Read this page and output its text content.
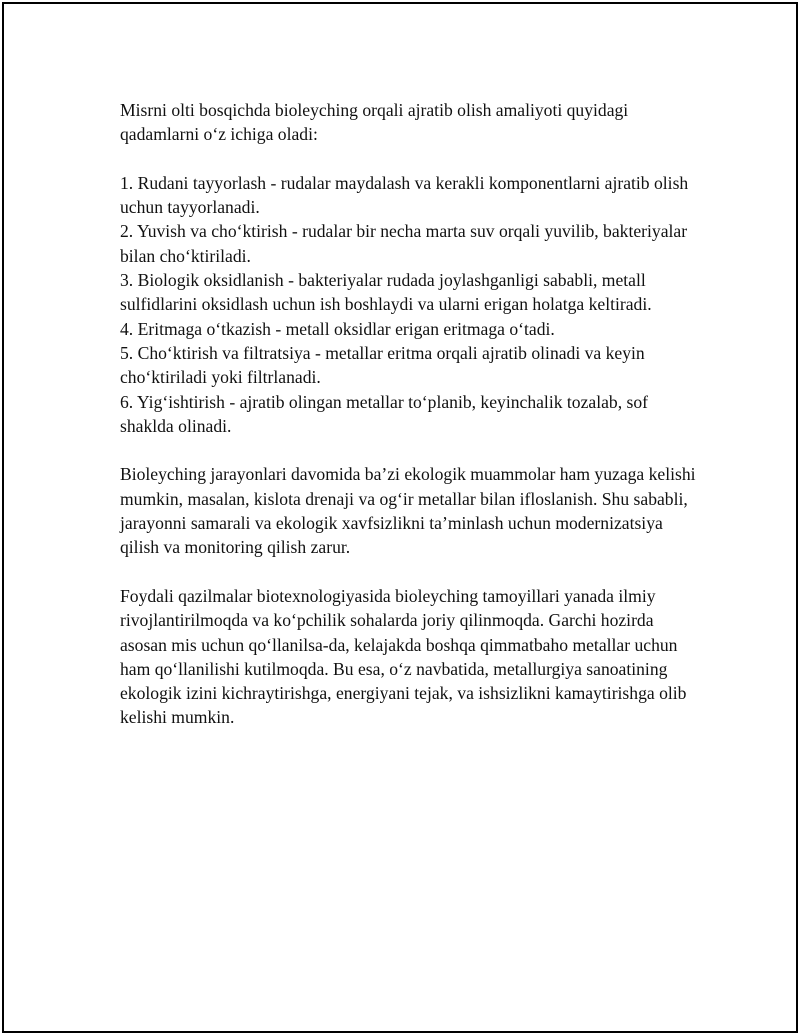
Misrni olti bosqichda bioleyching orqali ajratib olish amaliyoti quyidagi qadamlarni o‘z ichiga oladi:

1. Rudani tayyorlash - rudalar maydalash va kerakli komponentlarni ajratib olish uchun tayyorlanadi.

2. Yuvish va cho‘ktirish - rudalar bir necha marta suv orqali yuvilib, bakteriyalar bilan cho‘ktiriladi.

3. Biologik oksidlanish - bakteriyalar rudada joylashganligi sababli, metall sulfidlarini oksidlash uchun ish boshlaydi va ularni erigan holatga keltiradi.

4. Eritmaga o‘tkazish - metall oksidlar erigan eritmaga o‘tadi.

5. Cho‘ktirish va filtratsiya - metallar eritma orqali ajratib olinadi va keyin cho‘ktiriladi yoki filtrlanadi.

6. Yig‘ishtirish - ajratib olingan metallar to‘planib, keyinchalik tozalab, sof shaklda olinadi.

Bioleyching jarayonlari davomida ba’zi ekologik muammolar ham yuzaga kelishi mumkin, masalan, kislota drenaji va og‘ir metallar bilan ifloslanish. Shu sababli, jarayonni samarali va ekologik xavfsizlikni ta’minlash uchun modernizatsiya qilish va monitoring qilish zarur.

Foydali qazilmalar biotexnologiyasida bioleyching tamoyillari yanada ilmiy rivojlantirilmoqda va ko‘pchilik sohalarda joriy qilinmoqda. Garchi hozirda asosan mis uchun qo‘llanilsa-da, kelajakda boshqa qimmatbaho metallar uchun ham qo‘llanilishi kutilmoqda. Bu esa, o‘z navbatida, metallurgiya sanoatining ekologik izini kichraytirishga, energiyani tejak, va ishsizlikni kamaytirishga olib kelishi mumkin.
